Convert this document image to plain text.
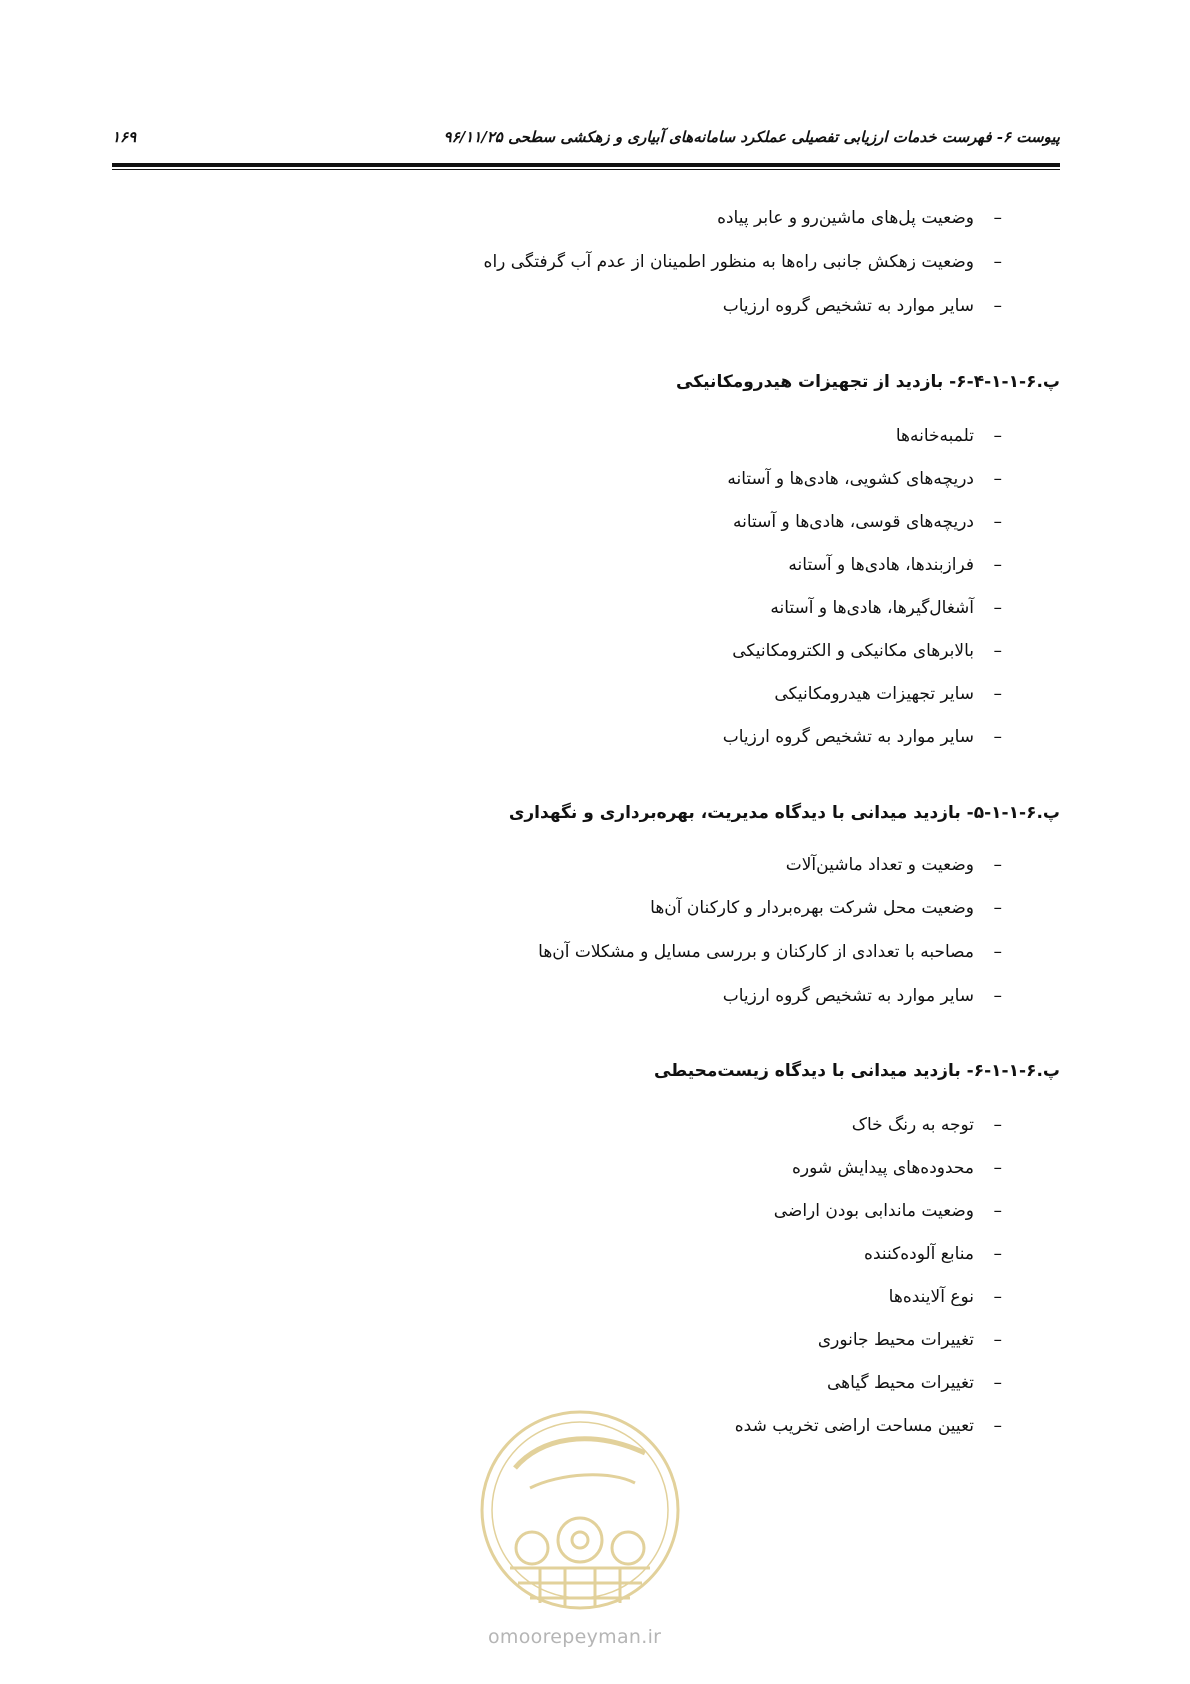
پیوست ۶- فهرست خدمات ارزیابی تفصیلی عملکرد سامانه‌های آبیاری و زهکشی سطحی ۹۶/۱۱/۲۵
۱۶۹
–وضعیت پل‌های ماشین‌رو و عابر پیاده
–وضعیت زهکش جانبی راه‌ها به منظور اطمینان از عدم آب گرفتگی راه
–سایر موارد به تشخیص گروه ارزیاب
پ.۶-۱-۱-۴-۶- بازدید از تجهیزات هیدرومکانیکی
–تلمبه‌خانه‌ها
–دریچه‌های کشویی، هادی‌ها و آستانه
–دریچه‌های قوسی، هادی‌ها و آستانه
–فرازبندها، هادی‌ها و آستانه
–آشغال‌گیرها، هادی‌ها و آستانه
–بالابرهای مکانیکی و الکترومکانیکی
–سایر تجهیزات هیدرومکانیکی
–سایر موارد به تشخیص گروه ارزیاب
پ.۶-۱-۱-۵- بازدید میدانی با دیدگاه مدیریت، بهره‌برداری و نگهداری
–وضعیت و تعداد ماشین‌آلات
–وضعیت محل شرکت بهره‌بردار و کارکنان آن‌ها
–مصاحبه با تعدادی از کارکنان و بررسی مسایل و مشکلات آن‌ها
–سایر موارد به تشخیص گروه ارزیاب
پ.۶-۱-۱-۶- بازدید میدانی با دیدگاه زیست‌محیطی
–توجه به رنگ خاک
–محدوده‌های پیدایش شوره
–وضعیت ماندابی بودن اراضی
–منابع آلوده‌کننده
–نوع آلاینده‌ها
–تغییرات محیط جانوری
–تغییرات محیط گیاهی
–تعیین مساحت اراضی تخریب شده
omoorepeyman.ir
